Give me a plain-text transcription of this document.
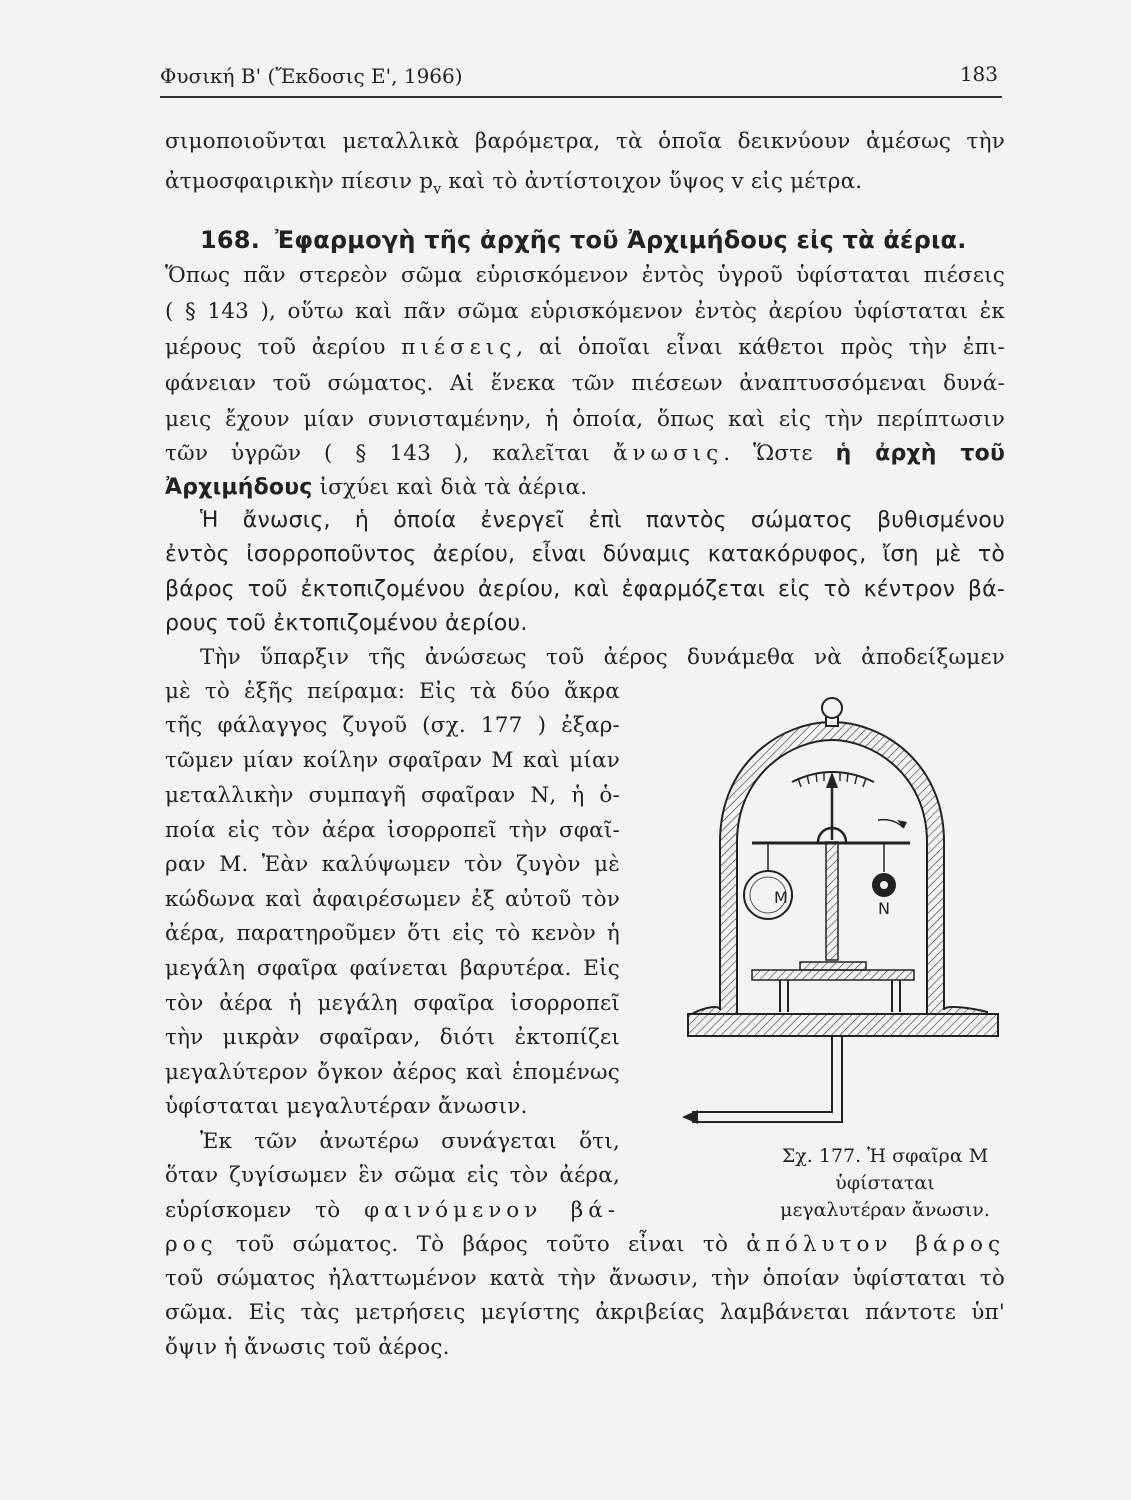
Φυσική Β' (Ἔκδοσις Ε', 1966)	183
σιμοποιοῦνται μεταλλικὰ βαρόμετρα, τὰ ὁποῖα δεικνύουν ἀμέσως τὴν
ἀτμοσφαιρικὴν πίεσιν $p_v$ καὶ τὸ ἀντίστοιχον ὕψος v εἰς μέτρα.
168. Ἐφαρμογὴ τῆς ἀρχῆς τοῦ Ἀρχιμήδους εἰς τὰ ἀέρια.
Ὅπως πᾶν στερεὸν σῶμα εὑρισκόμενον ἐντὸς ὑγροῦ ὑφίσταται πιέσεις
( § 143 ), οὕτω καὶ πᾶν σῶμα εὑρισκόμενον ἐντὸς ἀερίου ὑφίσταται ἐκ
μέρους τοῦ ἀερίου πιέσεις, αἱ ὁποῖαι εἶναι κάθετοι πρὸς τὴν ἐπι-
φάνειαν τοῦ σώματος. Αἱ ἕνεκα τῶν πιέσεων ἀναπτυσσόμεναι δυνά-
μεις ἔχουν μίαν συνισταμένην, ἡ ὁποία, ὅπως καὶ εἰς τὴν περίπτωσιν
τῶν ὑγρῶν ( § 143 ), καλεῖται ἄνωσις. Ὥστε ἡ ἀρχὴ τοῦ
Ἀρχιμήδους ἰσχύει καὶ διὰ τὰ ἀέρια.
Ἡ ἄνωσις, ἡ ὁποία ἐνεργεῖ ἐπὶ παντὸς σώματος βυθισμένου
ἐντὸς ἰσορροποῦντος ἀερίου, εἶναι δύναμις κατακόρυφος, ἴση μὲ τὸ
βάρος τοῦ ἐκτοπιζομένου ἀερίου, καὶ ἐφαρμόζεται εἰς τὸ κέντρον βά-
ρους τοῦ ἐκτοπιζομένου ἀερίου.
Τὴν ὕπαρξιν τῆς ἀνώσεως τοῦ ἀέρος δυνάμεθα νὰ ἀποδείξωμεν
μὲ τὸ ἑξῆς πείραμα: Εἰς τὰ δύο ἄκρα
τῆς φάλαγγος ζυγοῦ (σχ. 177 ) ἐξαρ-
τῶμεν μίαν κοίλην σφαῖραν Μ καὶ μίαν
μεταλλικὴν συμπαγῆ σφαῖραν Ν, ἡ ὁ-
ποία εἰς τὸν ἀέρα ἰσορροπεῖ τὴν σφαῖ-
ραν Μ. Ἐὰν καλύψωμεν τὸν ζυγὸν μὲ
κώδωνα καὶ ἀφαιρέσωμεν ἐξ αὐτοῦ τὸν
ἀέρα, παρατηροῦμεν ὅτι εἰς τὸ κενὸν ἡ
μεγάλη σφαῖρα φαίνεται βαρυτέρα. Εἰς
τὸν ἀέρα ἡ μεγάλη σφαῖρα ἰσορροπεῖ
τὴν μικρὰν σφαῖραν, διότι ἐκτοπίζει
μεγαλύτερον ὄγκον ἀέρος καὶ ἑπομένως
ὑφίσταται μεγαλυτέραν ἄνωσιν.
Ἐκ τῶν ἀνωτέρω συνάγεται ὅτι,
ὅταν ζυγίσωμεν ἓν σῶμα εἰς τὸν ἀέρα,
εὑρίσκομεν τὸ φαινόμενον βά-
ρος τοῦ σώματος. Τὸ βάρος τοῦτο εἶναι τὸ ἀπόλυτον βάρος
τοῦ σώματος ἠλαττωμένον κατὰ τὴν ἄνωσιν, τὴν ὁποίαν ὑφίσταται τὸ
σῶμα. Εἰς τὰς μετρήσεις μεγίστης ἀκριβείας λαμβάνεται πάντοτε ὑπ'
ὄψιν ἡ ἄνωσις τοῦ ἀέρος.
M
N
Σχ. 177. Ἡ σφαῖρα Μ ὑφίσταται
μεγαλυτέραν ἄνωσιν.
